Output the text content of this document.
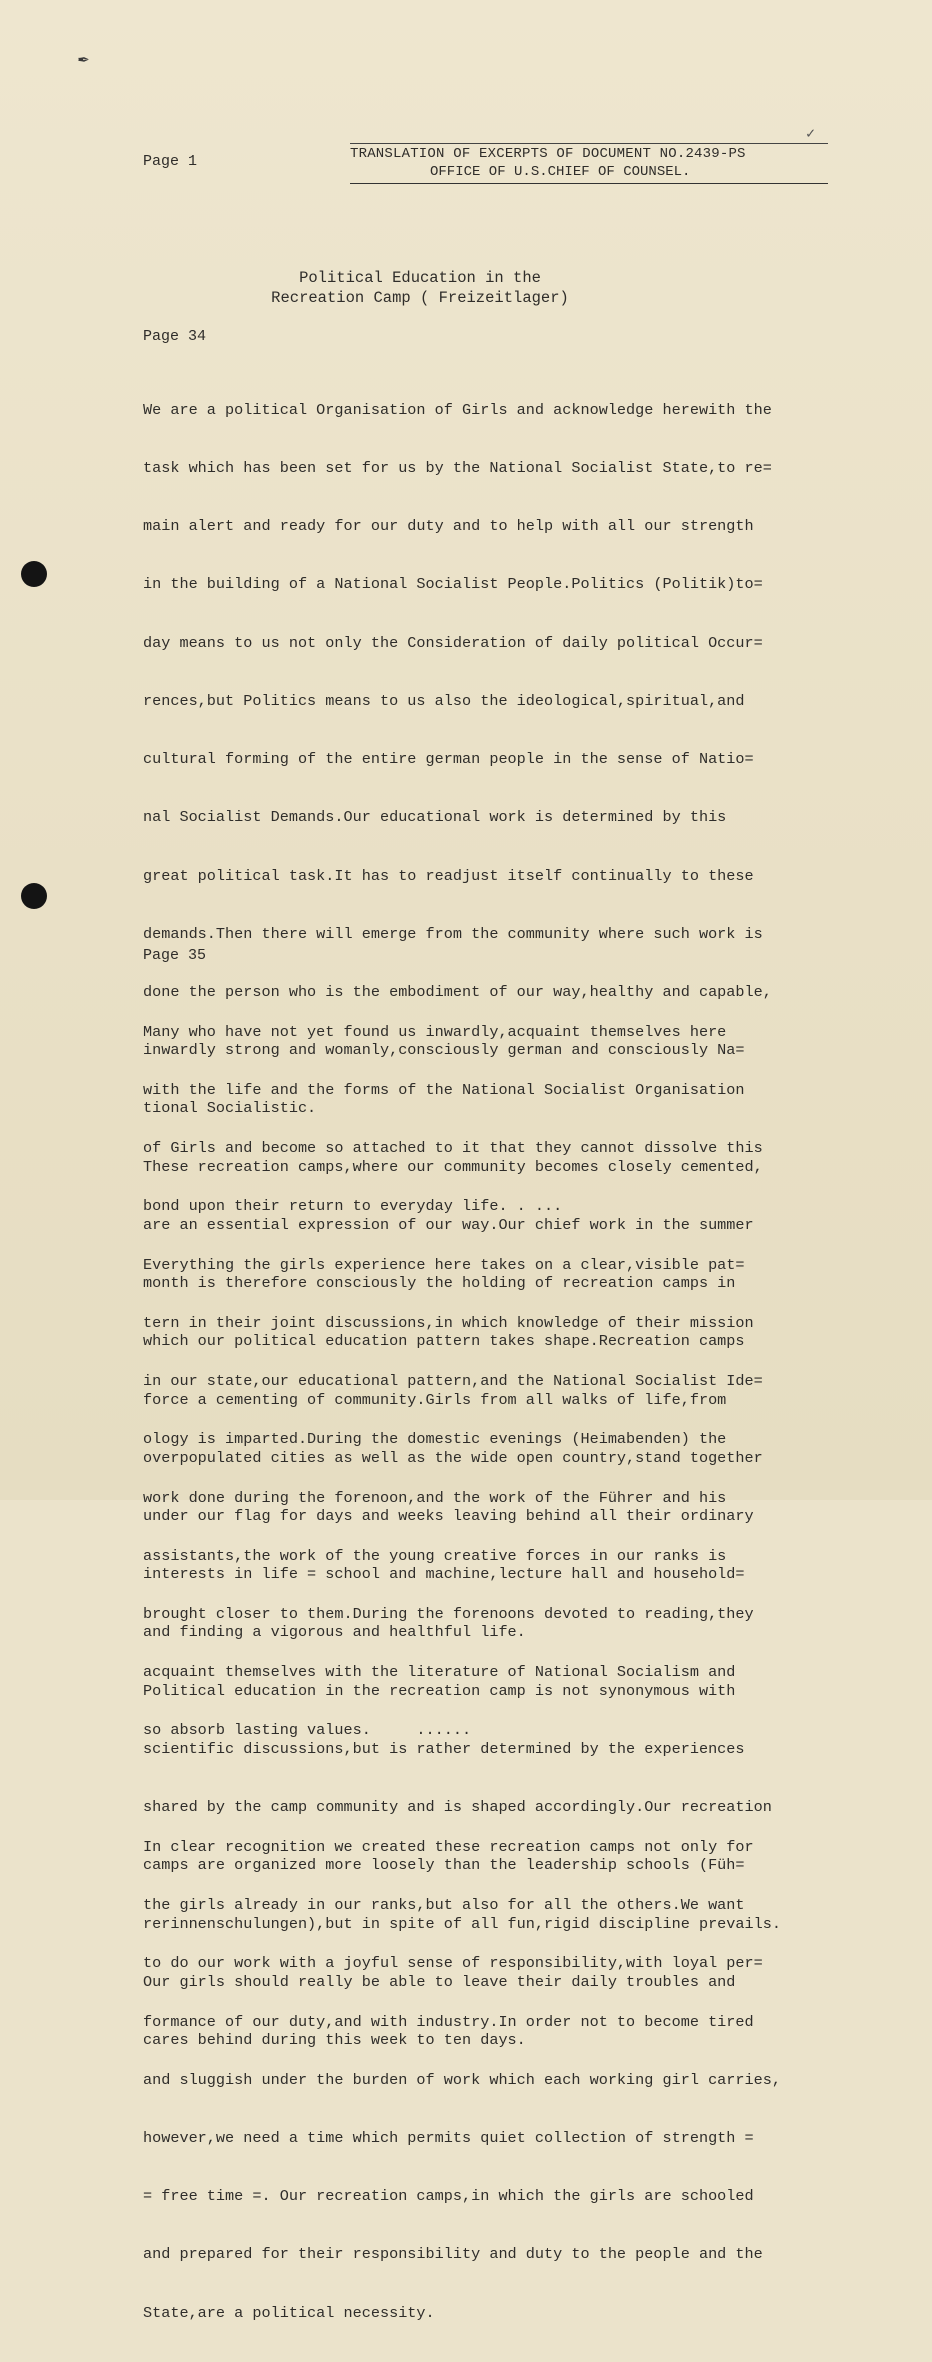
✒
Page 1
✓
TRANSLATION OF EXCERPTS OF DOCUMENT NO.2439-PS
OFFICE OF U.S.CHIEF OF COUNSEL.
Political Education in the
Recreation Camp ( Freizeitlager)
Page 34

We are a political Organisation of Girls and acknowledge herewith the

task which has been set for us by the National Socialist State,to re=

main alert and ready for our duty and to help with all our strength

in the building of a National Socialist People.Politics (Politik)to=

day means to us not only the Consideration of daily political Occur=

rences,but Politics means to us also the ideological,spiritual,and

cultural forming of the entire german people in the sense of Natio=

nal Socialist Demands.Our educational work is determined by this

great political task.It has to readjust itself continually to these

demands.Then there will emerge from the community where such work is

done the person who is the embodiment of our way,healthy and capable,

inwardly strong and womanly,consciously german and consciously Na=

tional Socialistic.

These recreation camps,where our community becomes closely cemented,

are an essential expression of our way.Our chief work in the summer

month is therefore consciously the holding of recreation camps in

which our political education pattern takes shape.Recreation camps

force a cementing of community.Girls from all walks of life,from

overpopulated cities as well as the wide open country,stand together

under our flag for days and weeks leaving behind all their ordinary

interests in life = school and machine,lecture hall and household=

and finding a vigorous and healthful life.

Political education in the recreation camp is not synonymous with

scientific discussions,but is rather determined by the experiences

shared by the camp community and is shaped accordingly.Our recreation

camps are organized more loosely than the leadership schools (Füh=

rerinnenschulungen),but in spite of all fun,rigid discipline prevails.

Our girls should really be able to leave their daily troubles and

cares behind during this week to ten days.

Page 35

Many who have not yet found us inwardly,acquaint themselves here

with the life and the forms of the National Socialist Organisation

of Girls and become so attached to it that they cannot dissolve this

bond upon their return to everyday life. . ...

Everything the girls experience here takes on a clear,visible pat=

tern in their joint discussions,in which knowledge of their mission

in our state,our educational pattern,and the National Socialist Ide=

ology is imparted.During the domestic evenings (Heimabenden) the

work done during the forenoon,and the work of the Führer and his

assistants,the work of the young creative forces in our ranks is

brought closer to them.During the forenoons devoted to reading,they

acquaint themselves with the literature of National Socialism and

so absorb lasting values.     ......

In clear recognition we created these recreation camps not only for

the girls already in our ranks,but also for all the others.We want

to do our work with a joyful sense of responsibility,with loyal per=

formance of our duty,and with industry.In order not to become tired

and sluggish under the burden of work which each working girl carries,

however,we need a time which permits quiet collection of strength =

= free time =. Our recreation camps,in which the girls are schooled

and prepared for their responsibility and duty to the people and the

State,are a political necessity.
